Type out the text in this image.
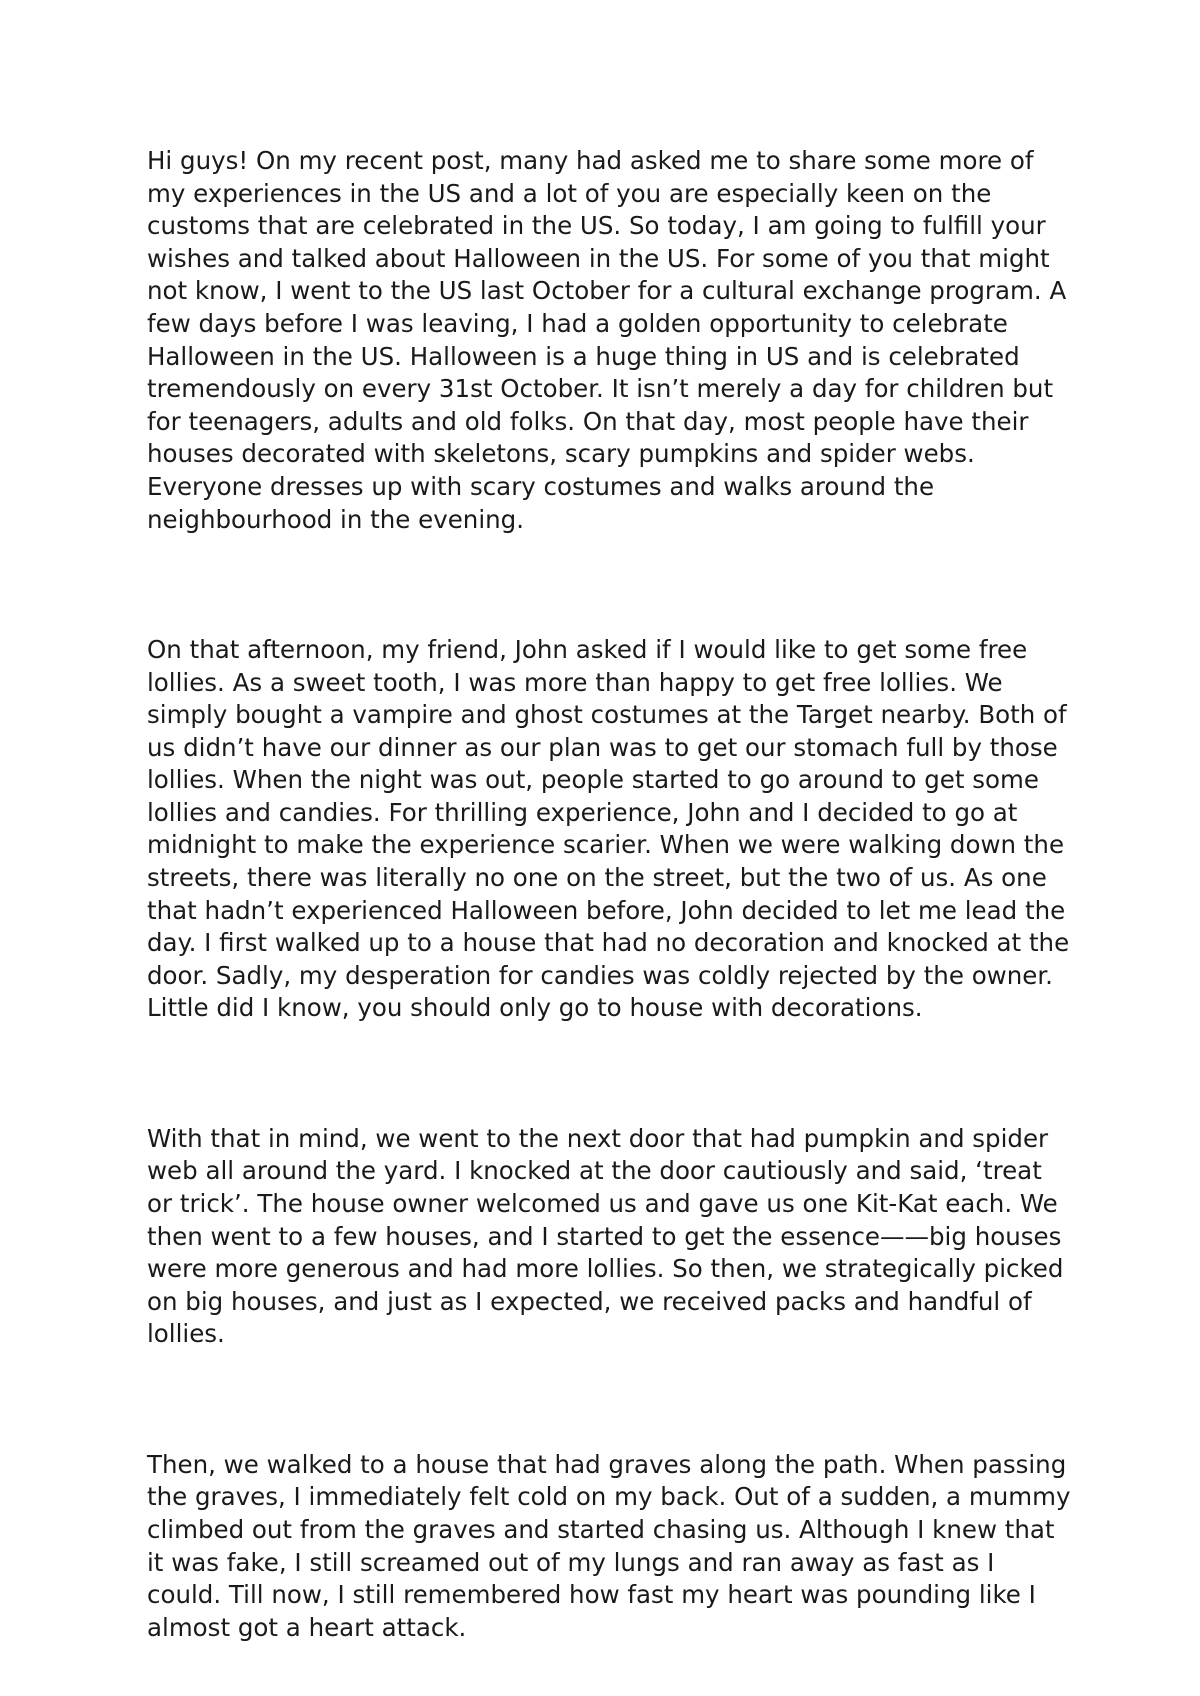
Hi guys! On my recent post, many had asked me to share some more of my experiences in the US and a lot of you are especially keen on the customs that are celebrated in the US. So today, I am going to fulfill your wishes and talked about Halloween in the US. For some of you that might not know, I went to the US last October for a cultural exchange program. A few days before I was leaving, I had a golden opportunity to celebrate Halloween in the US. Halloween is a huge thing in US and is celebrated tremendously on every 31st October. It isn’t merely a day for children but for teenagers, adults and old folks. On that day, most people have their houses decorated with skeletons, scary pumpkins and spider webs. Everyone dresses up with scary costumes and walks around the neighbourhood in the evening.

On that afternoon, my friend, John asked if I would like to get some free lollies. As a sweet tooth, I was more than happy to get free lollies. We simply bought a vampire and ghost costumes at the Target nearby. Both of us didn’t have our dinner as our plan was to get our stomach full by those lollies. When the night was out, people started to go around to get some lollies and candies. For thrilling experience, John and I decided to go at midnight to make the experience scarier. When we were walking down the streets, there was literally no one on the street, but the two of us. As one that hadn’t experienced Halloween before, John decided to let me lead the day. I first walked up to a house that had no decoration and knocked at the door. Sadly, my desperation for candies was coldly rejected by the owner. Little did I know, you should only go to house with decorations.

With that in mind, we went to the next door that had pumpkin and spider web all around the yard. I knocked at the door cautiously and said, ‘treat or trick’. The house owner welcomed us and gave us one Kit-Kat each. We then went to a few houses, and I started to get the essence——big houses were more generous and had more lollies. So then, we strategically picked on big houses, and just as I expected, we received packs and handful of lollies.

Then, we walked to a house that had graves along the path. When passing the graves, I immediately felt cold on my back. Out of a sudden, a mummy climbed out from the graves and started chasing us. Although I knew that it was fake, I still screamed out of my lungs and ran away as fast as I could. Till now, I still remembered how fast my heart was pounding like I almost got a heart attack.
